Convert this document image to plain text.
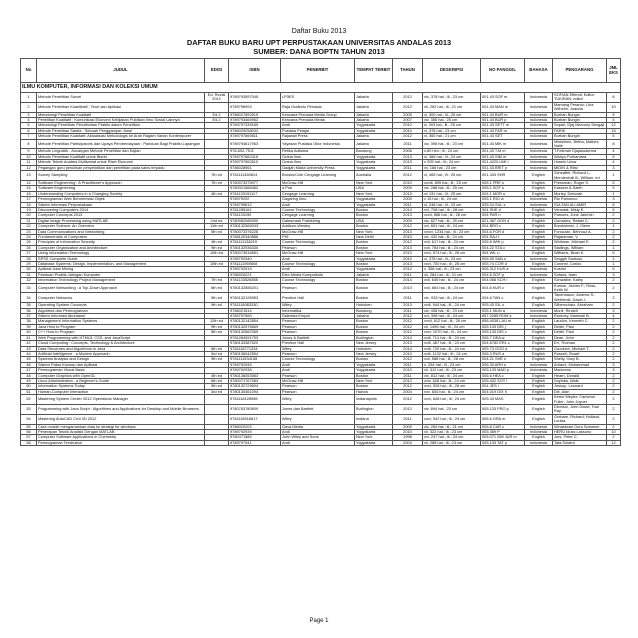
Daftar Buku 2013
DAFTAR BUKU BARU UPT PERPUSTAKAAN UNIVERSITAS ANDALAS 2013
SUMBER: DANA BOPTN TAHUN 2013
No	JUDUL	EDISI	ISBN	PENERBIT	TEMPAT TERBIT	TAHUN	DESKRIPSI	NO PANGGIL	BAHASA	PENGARANG	JML EKS
ILMU KOMPUTER, INFORMASI DAN KOLEKSI UMUM											
1	Metode Penelitian Survei	Ed. Revisi 2012	9789793597045	LP3ES	Jakarta	2012	xix, 378 hal.; ill.; 23 cm	001.43 SOF m	Indonesia	SOFIAN Effendi; Editor; TUKIRAN; editor	8
2	Metode Penelitian Kuantitatif : Teori dan Aplikasi		9789796993	Raja Grafindo Persada	Jakarta	2012	xii, 252 hal.; ill.; 21 cm	001.43 MAN m	Indonesia	Mamang Peranto; Lina Wilhelm; Juanda	10
3	Metodologi Penelitian Kualitatif	Ed.2	9786027892519	Kencana Prenada Media Group	Jakarta	2005	xi, 300 hal.; ill.; 25 cm	001.43 BUR m	Indonesia	Burhan Bungin	5
4	Penelitian Kualitatif : Komunikasi Ekonomi Kebijakan Publikan Ilmu Sosial Lainnya	Ed.2	9789793465962	Kencana Prenada Media	Jakarta	2007	xiv, 356 hal.; 25 cm	001.43 BUR p	Indonesia	Burhan Bungin	5
5	Metodologi Penelitian Pendekatan Praktis dalam Penelitian		9789797339189	Andi	Yogyakarta	2010	iv, 303 hal.; ill.; 25 cm	001.43 SETT m	Indonesia	Sopah, Djaj Marcony Sengaji	12
6	Metode Penelitian Sastra : Sebuah Penggampar: Awal		9786029258032	Pustaka Pelajar	Yogyakarta	2010	vi, 378 hal.; 23 cm	001.43 FAR m	Indonesia	FARIK	15
7	Metode Penelitian Kualitatif: Aktualisasi Metodologis ke Arah Ragam Varian Kontemporer		9789797669811	Rajawali Press	Jakarta	2012	vi, 360 hal.; 21 cm	001.43 SET	Indonesia	Burhan Bungin	5
8	Metode Penelitian Partisipatoris dan Upaya Pemberdayaan : Panduan Bagi Praktisi Lapangan		9789794617963	Yayasan Pustaka Obor Indonesia	Jakarta	2011	xiv, 396 hal.; ill.; 23 cm	001.43 MIK m	Indonesia	Mikkelsen, Britha; Mathes Nalle	8
9	Metode Linguistik : Ancangan Metode Penelitian dan Kajian		978-602-75-8	Refika Aditama	Bandung	2006	x,80 hlm.; ill.; 24 cm	001.43 T.M m	Indonesia	T.Fatimah Djajasudarma	4
10	Metodo Penelitian Kualitatif untuk Bisnis		9789797662416	Graha Ilmu	Yogyakarta	2013	xi, 366 hal.; ill.; 24 cm	001.43 SIM m	Indonesia	Wahyu Purhantara	5
11	Metode Teknik Analisis Multivariat untuk Riset Ekonomi		9789797562610	Graha Ilmu	Yogyakarta	2013	x 205 hal.; ill.; 24 cm	001.4220 UMI I	Indonesia	Husein Umar	4
12	Pegangan guru penulisan penyelidikan dan penelitian pada sains terpadu		9786028961	Gadjah Mada University Press	Yogyakarta	2011	xv, 166 hal.; 23 cm	001.43 BRIT p	Indonesia	MIDIN & Rifai	3
13	Survey Sampling	7th ed	9781111460814	Brooks/Cole Cengage Learning	Australia	2012	xi, 465 hal.; ill.; 25 cm	001.433 SHR	English	Scheaffer, Richard L.; Mendenhall III, William, ed	1
14	Software Engineering : A Practitioner's Approach	7th ed	9780073375977	McGraw-Hill	New York	2010	xxviii, 895 hal.; ill.; 25 cm	005.1 PRE s	English	Pressman, Roger S.	5
15	Software Engineering		9780321566362	a Pub	USA	2009	xiv, 288 hal.; ill.; 25 cm	005.1 SOF s	English	Kassem A.Saleh	5
16	Understanding Computers in a Changing Society	4th ed	9781133191117	Cengage Learning	New York	2013	xv 131 hal.; ill.; 25 cm	004.1 MOR u	English	Morley, Deborah	1
17	Pemrograman Web Berorientasi Objek		978979292	Gagaring Ilmu	Yogyakarta	2009	x 15 hal.; ill.; 24 cm	005.1 RIO w	Indonesia	Rio Pamunco	3
18	Sistem Informasi Perpustakaan		9789795612	Andi	Yogyakarta	2011	xi, 248 hal.; ill.; 23 cm	025.04 SUL s	Indonesia	SULTAN ALI AMIR	8
19	Discovering Computers 2014		9781285161	Course Technology	Boston	2014	xxi, 708 hal.; ill.; 28 cm	004 SHE d	English	Vermaat, Misty E.	5
20	Computer Concepts 2013		9781133190	Cengage Learning	Boston	2013	xxvii, 856 hal.; ill.; 28 cm	004 PAR n	English	Parsons, June Jamrich	2
21	Digital Image Processing using MATLAB	2nd ed	9780982085400	Gatesmark Publishing	USA	2009	xiv, 827 hal.; ill.; 25 cm	621.367 GON d	English	Gonzalez, Rafael C.	2
22	Computer Science: An Overview	11th ed	9780132569033	Addison-Wesley	Boston	2012	xvi, 651 hal.; ill.; 24 cm	004 BRO c	English	Brookshear, J. Glenn	1
23	Data Communications and Networking	5th ed	9780073376226	McGraw-Hill	New York	2013	xxxvi, 1234 hal.; ill.; 24 cm	004.6 FOR d	English	Forouzan, Behrouz A.	2
24	Fundamentals of Computers		9788120340886	PHI	New Delhi	2010	xiv, 432 hal.; ill.; 24 cm	004 RAJ f	English	Rajaraman, V.	2
25	Principles of Information Security	4th ed	9781111138219	Course Technology	Boston	2012	xvii, 617 hal.; ill.; 24 cm	005.8 WHI p	English	Whitman, Michael E.	2
26	Computer Organization and Architecture	9th ed	9780132936330	Pearson	Boston	2013	xxii, 764 hal.; ill.; 24 cm	004.22 STA c	English	Stallings, William	1
27	Using Information Technology	10th ed	9780073516851	McGraw-Hill	New York	2013	xxvi, 574 hal.; ill.; 28 cm	004 WIL u	English	Williams, Brian K.	5
28	SPSS Complete Guide		9789792940	Andi	Yogyakarta	2010	xi, 378 hal.; ill.; 23 cm	005.55 SAN s	Indonesia	Singgih Santoso	2
29	Database Systems: Design, Implementation, and Management	10th ed	9781111969608	Course Technology	Boston	2013	xxvi, 700 hal.; ill.; 28 cm	005.74 COR d	English	Coronel, Carlos	1
30	Aplikasi Data Mining		9789792919	Andi	Yogyakarta	2012	x, 356 hal.; ill.; 23 cm	006.312 KUS a	Indonesia	Kusrini	5
31	Panduan Praktis Jaringan Komputer		9786020221	Elex Media Komputindo	Jakarta	2011	xii, 284 hal.; ill.; 21 cm	004.6 SOF p	Indonesia	Sofana, Iwan	3
32	Information Technology Project Management	7th ed	9781133526858	Course Technology	Boston	2014	xxii, 645 hal.; ill.; 24 cm	004.068 SCH i	English	Schwalbe, Kathy	2
33	Computer Networking : a Top-Down Approach	6th ed	9780132856201	Pearson	Boston	2013	xxii, 864 hal.; ill.; 24 cm	004.6 KUR c	English	Kurose, James F.; Ross, Keith W.	2
34	Computer Networks	5th ed	9780132126953	Prentice Hall	Boston	2011	xix, 933 hal.; ill.; 24 cm	004.6 TAN c	English	Tanenbaum, Andrew S.; Wetherall, David J.	2
35	Operating System Concepts	9th ed	9781118063330	Wiley	Hoboken	2013	xxiii, 944 hal.; ill.; 24 cm	005.43 SIL o	English	Silberschatz, Abraham	2
36	Algoritma dan Pemrograman		9786021514	Informatika	Bandung	2011	xiv, 438 hal.; ill.; 23 cm	005.1 MUN a	Indonesia	Munir, Rinaldi	3
37	Sistem Informasi Akuntansi		9789797569	Salemba Empat	Jakarta	2012	xvi, 398 hal.; ill.; 24 cm	657.0285 ROM s	Indonesia	Romney, Marshall B.	4
38	Management Information Systems	12th ed	9780132142854	Pearson	Boston	2012	xxxii, 612 hal.; ill.; 28 cm	658.4038 LAU m	English	Laudon, Kenneth C.	2
39	Java How to Program	9th ed	9780132575669	Pearson	Boston	2012	xli, 1496 hal.; ill.; 24 cm	005.133 DEI j	English	Deitel, Paul	2
40	C++ How to Program	8th ed	9780132662369	Pearson	Boston	2012	xxxi, 1070 hal.; ill.; 24 cm	005.133 DEI c	English	Deitel, Paul	2
41	Web Programming with HTML5, CSS, and JavaScript		9781284091793	Jones & Bartlett	Burlington	2014	xviii, 714 hal.; ill.; 24 cm	006.7 DEA w	English	Dean, John	2
42	Cloud Computing : Concepts, Technology & Architecture		9780133387520	Prentice Hall	New Jersey	2013	xxiii, 487 hal.; ill.; 24 cm	004.6782 ERL c	English	Erl, Thomas	2
43	Data Structures and Algorithms in Java	6th ed	9781118771334	Wiley	Hoboken	2014	xviii, 720 hal.; ill.; 24 cm	005.73 GOO d	English	Goodrich, Michael T.	2
44	Artificial Intelligence : a Modern Approach	3rd ed	9780136042594	Pearson	New Jersey	2010	xviii, 1132 hal.; ill.; 24 cm	006.3 RUS a	English	Russell, Stuart	2
45	Systems Analysis and Design	9th ed	9781111534158	Course Technology	Boston	2012	xxii, 588 hal.; ill.; 28 cm	004.21 SHE s	English	Shelly, Gary B.	2
46	Sistem Pakar Konsep dan Aplikasi		9789792945	Andi	Yogyakarta	2011	x, 254 hal.; ill.; 23 cm	006.33 ARH s	Indonesia	Arhami, Muhammad	3
47	Pemrograman Visual Basic		9789792938	Andi	Yogyakarta	2010	xii, 312 hal.; ill.; 23 cm	005.133 MAD p	Indonesia	Madcoms	3
48	Computer Graphics with OpenGL	4th ed	9780136053583	Pearson	Boston	2011	xix, 812 hal.; ill.; 24 cm	006.6 HEA c	English	Hearn, Donald	2
49	Linux Administration : a Beginner's Guide	6th ed	9780071767583	McGraw-Hill	New York	2012	xxiv, 628 hal.; ill.; 24 cm	005.432 SOY l	English	Soyinka, Wale	2
50	Information Systems Today	5th ed	9780132729604	Pearson	Boston	2012	xxvi, 528 hal.; ill.; 28 cm	004 JES i	English	Jessup, Leonard	2
51	Human-Computer Interaction	3rd ed	9780130461094	Pearson	Harlow	2004	xxv, 834 hal.; ill.; 24 cm	004.019 DIX h	English	Dix, Alan	2
52	Mastering System Center 2012 Operations Manager		9781118128985	Wiley	Indianapolis	2012	xxvi, 648 hal.; ill.; 24 cm	005.43 MAS	English	Kerrie Meyler; Cameron Fuller; John Joyner	2
53	Programming with Java Script : Algorithms and Applications for Desktop and Mobile Browsers		9780763780609	Jones dan Bartlett	Burlington	2012	xiv, 694 hal.; 23 cm	005.133 PRO p	English	Dionisio, John David; Toal Ray	2
54	Mastering AutoCAD Civil 3D 2012		9781118016817	Wiley	Indiana	2011	xxvi, 942 hal.; ill.; 24 cm	006.6 GRA m	English	Graham, Richard; Holland, Louisa	2
55	Cara mudah mengamankan data ke strategi for windows		9786020202	Gava Media	Yogyakarta	2009	xiv, 284 hal.; ill.; 21 cm	005.8 CAR c	Indonesia	Winastwan Gora Soeamer	2
56	Penerapan Teknik Analisis Dengan MATLAB		9789792939	Andi	Yogyakarta	2010	xii, 322 hal.; ill.; 23 cm	005.369 P	Indonesia	HERU Iduss Laksono	10
57	Computer Software Applications in Chemistry		9780471585	John Wiley and Sons	New York	1996	xvi, 247 hal.; ill.; 24 cm	005.071 058 JUR m	English	Jurs, Peter C.	2
58	Pemrograman Terstruktur		9789797941	Andi	Yogyakarta	2004	xii, 288 hal.; ill.; 23 cm	005.133 TAT p	Indonesia	Tata Sutabri	12
Page 1
